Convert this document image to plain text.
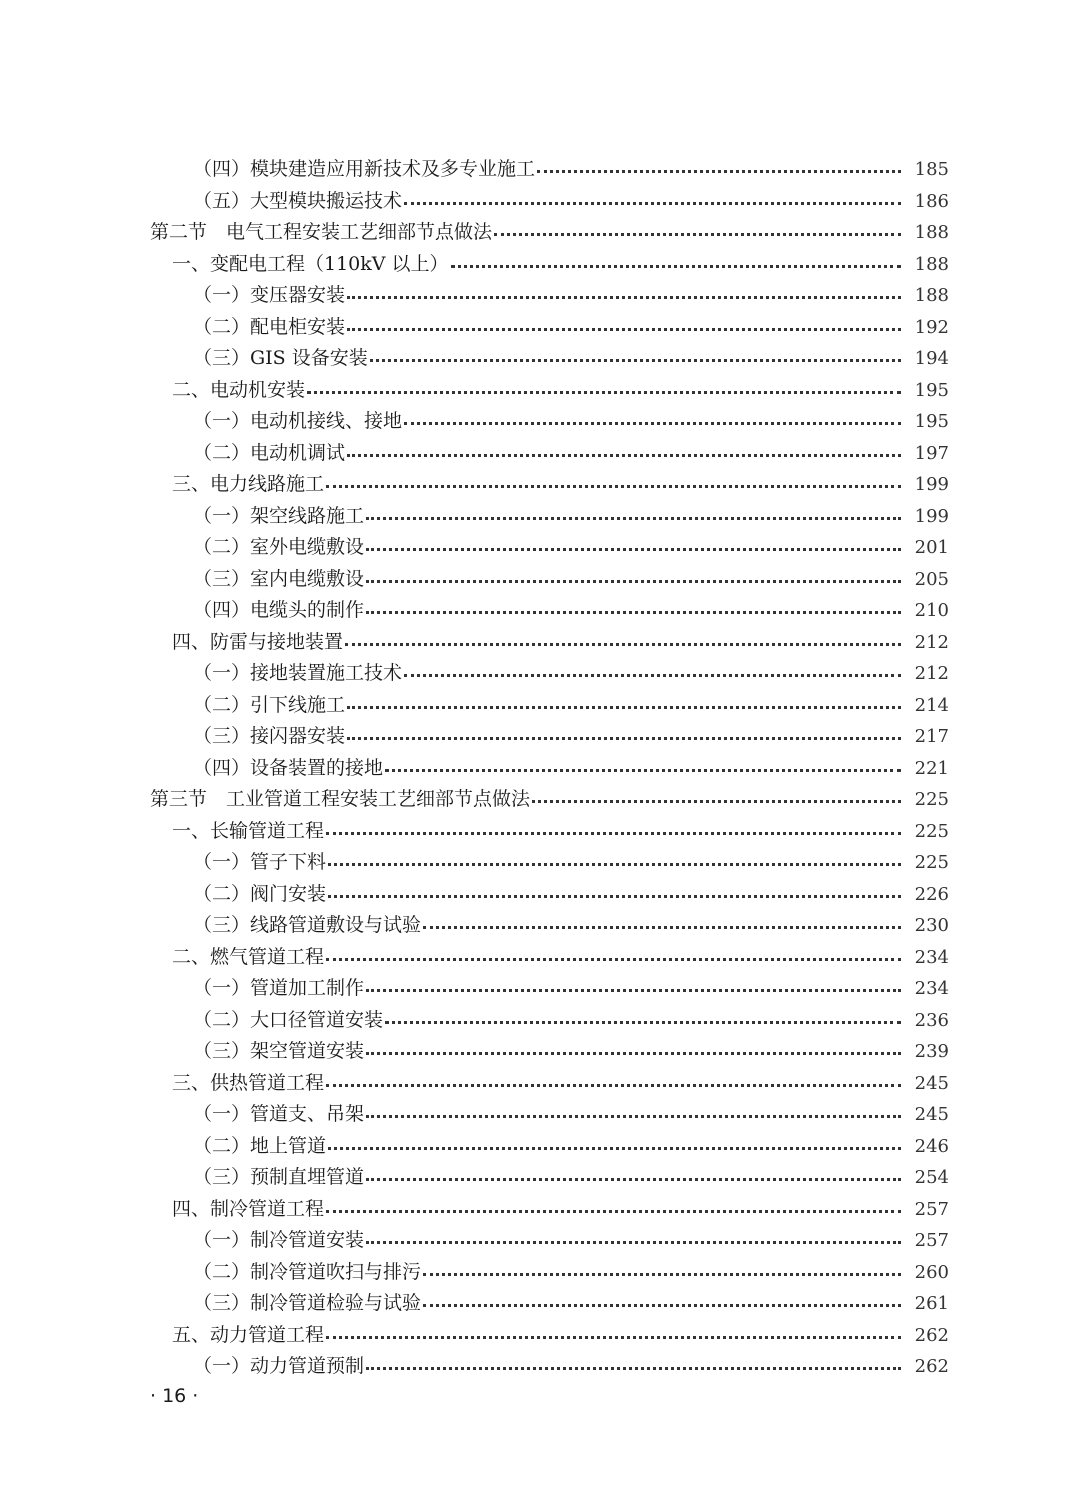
（四）模块建造应用新技术及多专业施工	185
（五）大型模块搬运技术	186
第二节　电气工程安装工艺细部节点做法	188
一、变配电工程（110kV 以上）	188
（一）变压器安装	188
（二）配电柜安装	192
（三）GIS 设备安装	194
二、电动机安装	195
（一）电动机接线、接地	195
（二）电动机调试	197
三、电力线路施工	199
（一）架空线路施工	199
（二）室外电缆敷设	201
（三）室内电缆敷设	205
（四）电缆头的制作	210
四、防雷与接地装置	212
（一）接地装置施工技术	212
（二）引下线施工	214
（三）接闪器安装	217
（四）设备装置的接地	221
第三节　工业管道工程安装工艺细部节点做法	225
一、长输管道工程	225
（一）管子下料	225
（二）阀门安装	226
（三）线路管道敷设与试验	230
二、燃气管道工程	234
（一）管道加工制作	234
（二）大口径管道安装	236
（三）架空管道安装	239
三、供热管道工程	245
（一）管道支、吊架	245
（二）地上管道	246
（三）预制直埋管道	254
四、制冷管道工程	257
（一）制冷管道安装	257
（二）制冷管道吹扫与排污	260
（三）制冷管道检验与试验	261
五、动力管道工程	262
（一）动力管道预制	262
· 16 ·
